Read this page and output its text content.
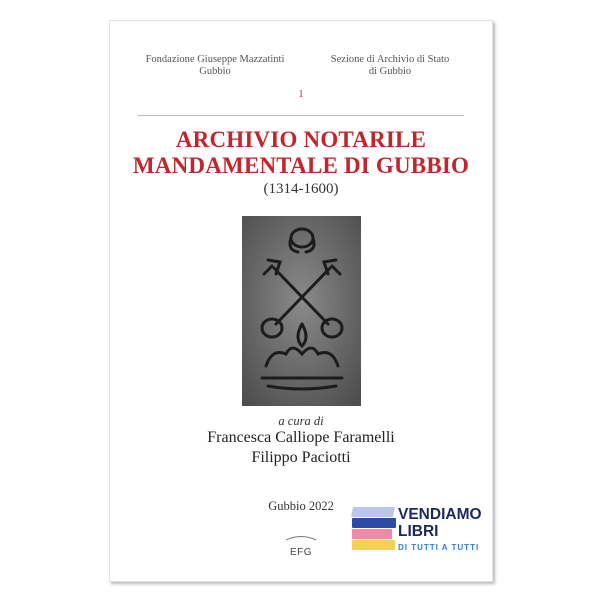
Fondazione Giuseppe Mazzatinti
Gubbio
Sezione di Archivio di Stato
di Gubbio
1
ARCHIVIO NOTARILE
MANDAMENTALE DI GUBBIO
(1314-1600)
a cura di
Francesca Calliope Faramelli
Filippo Paciotti
Gubbio 2022
EFG
VENDIAMO
LIBRI
DI TUTTI A TUTTI
